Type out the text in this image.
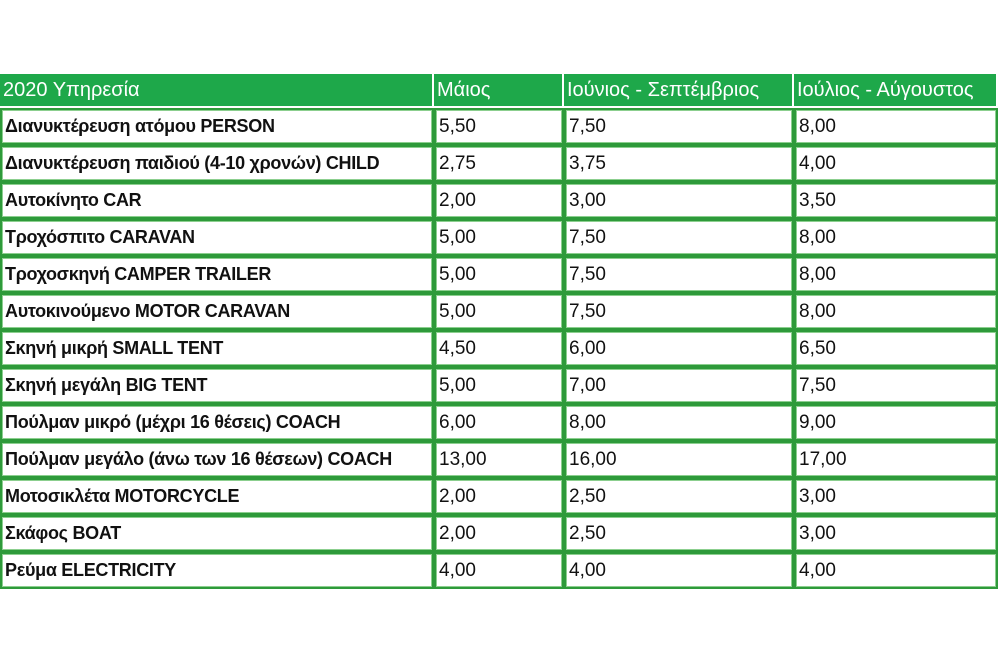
2020 Υπηρεσία	Μάιος	Ιούνιος - Σεπτέμβριος	Ιούλιος - Αύγουστος
Διανυκτέρευση ατόμου PERSON	5,50	7,50	8,00
Διανυκτέρευση παιδιού (4-10 χρονών) CHILD	2,75	3,75	4,00
Αυτοκίνητο CAR	2,00	3,00	3,50
Τροχόσπιτο CARAVAN	5,00	7,50	8,00
Τροχοσκηνή CAMPER TRAILER	5,00	7,50	8,00
Αυτοκινούμενο MOTOR CARAVAN	5,00	7,50	8,00
Σκηνή μικρή SMALL TENT	4,50	6,00	6,50
Σκηνή μεγάλη BIG TENT	5,00	7,00	7,50
Πούλμαν μικρό (μέχρι 16 θέσεις) COACH	6,00	8,00	9,00
Πούλμαν μεγάλο (άνω των 16 θέσεων) COACH	13,00	16,00	17,00
Μοτοσικλέτα MOTORCYCLE	2,00	2,50	3,00
Σκάφος BOAT	2,00	2,50	3,00
Ρεύμα ELECTRICITY	4,00	4,00	4,00
